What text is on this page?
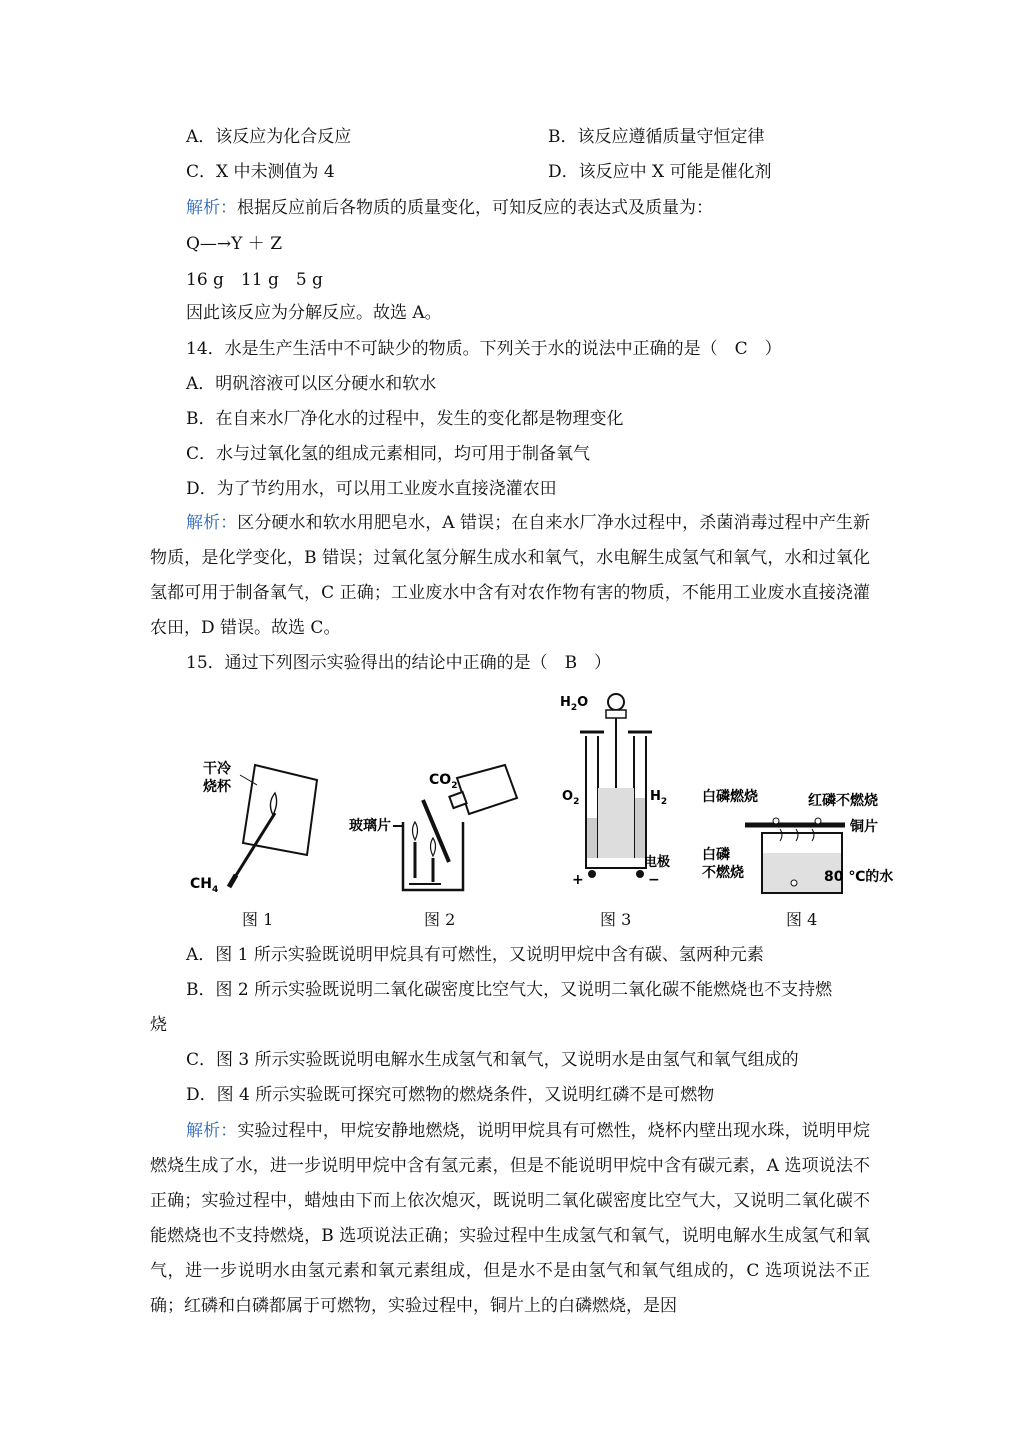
A．该反应为化合反应	B．该反应遵循质量守恒定律
C．X 中未测值为 4	D．该反应中 X 可能是催化剂
解析：根据反应前后各物质的质量变化，可知反应的表达式及质量为：
Q—→Y ＋ Z
16 g　11 g　5 g
因此该反应为分解反应。故选 A。
14．水是生产生活中不可缺少的物质。下列关于水的说法中正确的是（　C　）
A．明矾溶液可以区分硬水和软水
B．在自来水厂净化水的过程中，发生的变化都是物理变化
C．水与过氧化氢的组成元素相同，均可用于制备氧气
D．为了节约用水，可以用工业废水直接浇灌农田
解析：区分硬水和软水用肥皂水，A 错误；在自来水厂净水过程中，杀菌消毒过程中产生新物质，是化学变化，B 错误；过氧化氢分解生成水和氧气，水电解生成氢气和氧气，水和过氧化氢都可用于制备氧气，C 正确；工业废水中含有对农作物有害的物质，不能用工业废水直接浇灌农田，D 错误。故选 C。
15．通过下列图示实验得出的结论中正确的是（　B　）
干冷
烧杯
$CH_4$
图 1
玻璃片
$CO_2$
图 2
$H_2O$
$O_2$	$H_2$
电极
+	−
图 3
白磷燃烧	红磷不燃烧
铜片
白磷
不燃烧	80 ℃的水
图 4
A．图 1 所示实验既说明甲烷具有可燃性，又说明甲烷中含有碳、氢两种元素
B．图 2 所示实验既说明二氧化碳密度比空气大，又说明二氧化碳不能燃烧也不支持燃
烧
C．图 3 所示实验既说明电解水生成氢气和氧气，又说明水是由氢气和氧气组成的
D．图 4 所示实验既可探究可燃物的燃烧条件，又说明红磷不是可燃物
解析：实验过程中，甲烷安静地燃烧，说明甲烷具有可燃性，烧杯内壁出现水珠，说明甲烷燃烧生成了水，进一步说明甲烷中含有氢元素，但是不能说明甲烷中含有碳元素，A 选项说法不正确；实验过程中，蜡烛由下而上依次熄灭，既说明二氧化碳密度比空气大，又说明二氧化碳不能燃烧也不支持燃烧，B 选项说法正确；实验过程中生成氢气和氧气，说明电解水生成氢气和氧气，进一步说明水由氢元素和氧元素组成，但是水不是由氢气和氧气组成的，C 选项说法不正确；红磷和白磷都属于可燃物，实验过程中，铜片上的白磷燃烧，是因
